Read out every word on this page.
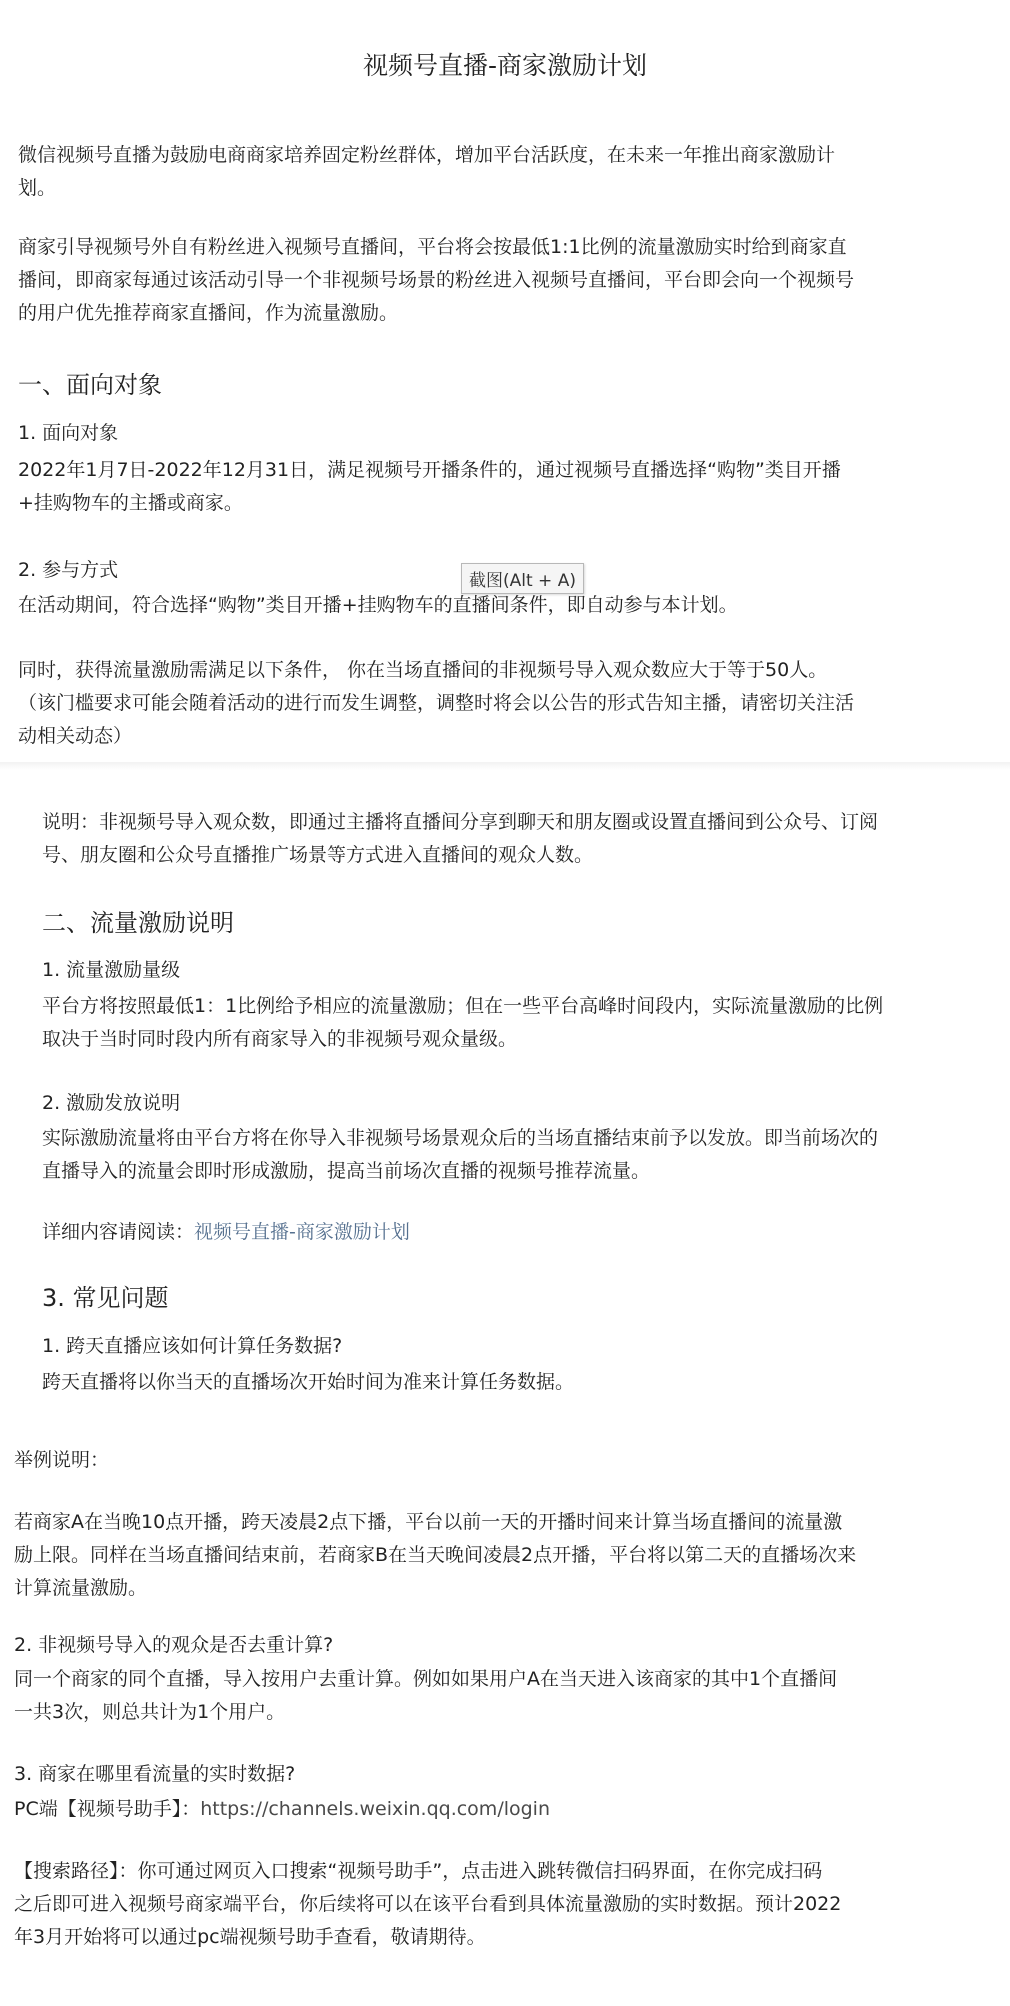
视频号直播-商家激励计划
微信视频号直播为鼓励电商商家培养固定粉丝群体，增加平台活跃度，在未来一年推出商家激励计
划。
商家引导视频号外自有粉丝进入视频号直播间，平台将会按最低1:1比例的流量激励实时给到商家直
播间，即商家每通过该活动引导一个非视频号场景的粉丝进入视频号直播间，平台即会向一个视频号
的用户优先推荐商家直播间，作为流量激励。
一、面向对象
1. 面向对象
2022年1月7日-2022年12月31日，满足视频号开播条件的，通过视频号直播选择“购物”类目开播
+挂购物车的主播或商家。
2. 参与方式
在活动期间，符合选择“购物”类目开播+挂购物车的直播间条件，即自动参与本计划。
同时，获得流量激励需满足以下条件， 你在当场直播间的非视频号导入观众数应大于等于50人。
（该门槛要求可能会随着活动的进行而发生调整，调整时将会以公告的形式告知主播，请密切关注活
动相关动态）
截图(Alt + A)
说明：非视频号导入观众数，即通过主播将直播间分享到聊天和朋友圈或设置直播间到公众号、订阅
号、朋友圈和公众号直播推广场景等方式进入直播间的观众人数。
二、流量激励说明
1. 流量激励量级
平台方将按照最低1：1比例给予相应的流量激励；但在一些平台高峰时间段内，实际流量激励的比例
取决于当时同时段内所有商家导入的非视频号观众量级。
2. 激励发放说明
实际激励流量将由平台方将在你导入非视频号场景观众后的当场直播结束前予以发放。即当前场次的
直播导入的流量会即时形成激励，提高当前场次直播的视频号推荐流量。
详细内容请阅读：视频号直播-商家激励计划
3. 常见问题
1. 跨天直播应该如何计算任务数据?
跨天直播将以你当天的直播场次开始时间为准来计算任务数据。
举例说明：
若商家A在当晚10点开播，跨天凌晨2点下播，平台以前一天的开播时间来计算当场直播间的流量激
励上限。同样在当场直播间结束前，若商家B在当天晚间凌晨2点开播，平台将以第二天的直播场次来
计算流量激励。
2. 非视频号导入的观众是否去重计算?
同一个商家的同个直播，导入按用户去重计算。例如如果用户A在当天进入该商家的其中1个直播间
一共3次，则总共计为1个用户。
3. 商家在哪里看流量的实时数据?
PC端【视频号助手】：https://channels.weixin.qq.com/login
【搜索路径】：你可通过网页入口搜索“视频号助手”，点击进入跳转微信扫码界面，在你完成扫码
之后即可进入视频号商家端平台，你后续将可以在该平台看到具体流量激励的实时数据。预计2022
年3月开始将可以通过pc端视频号助手查看，敬请期待。
